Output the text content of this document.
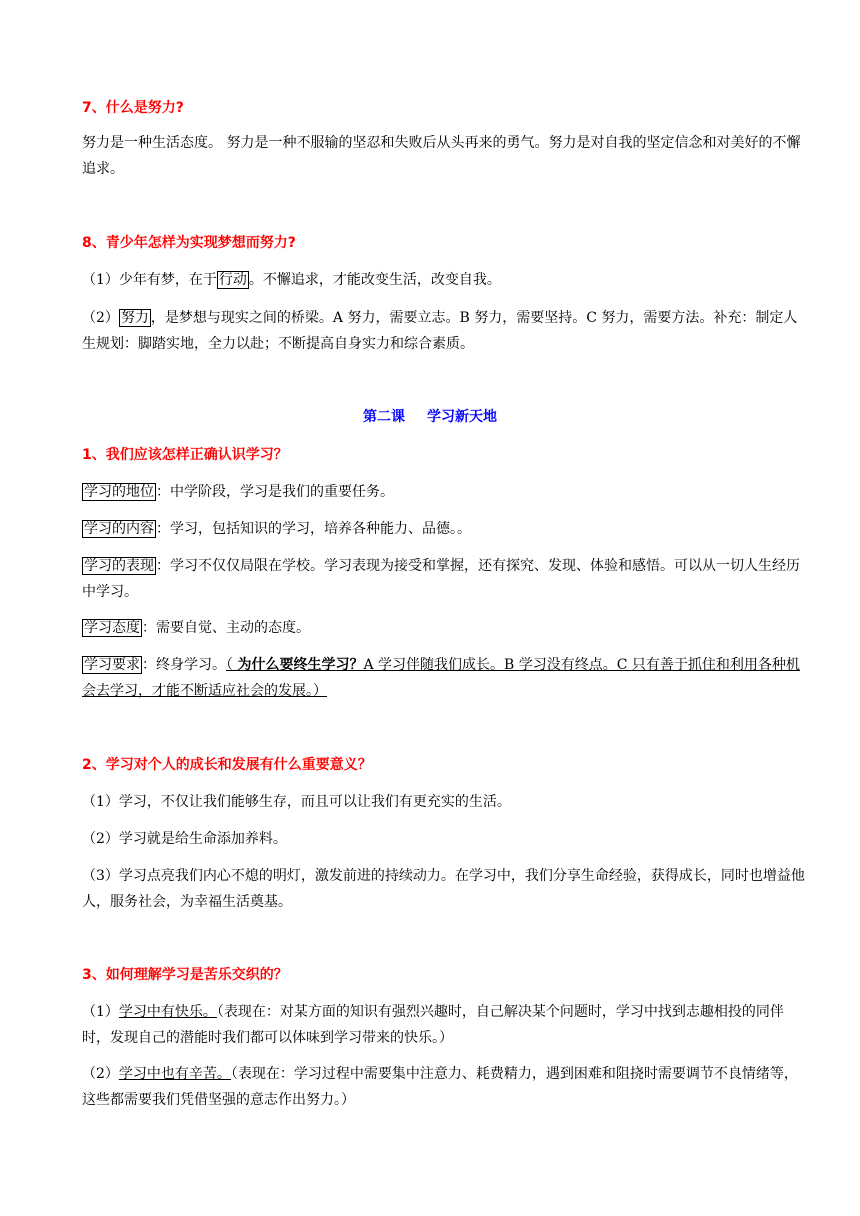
7、什么是努力?
努力是一种生活态度。 努力是一种不服输的坚忍和失败后从头再来的勇气。努力是对自我的坚定信念和对美好的不懈追求。
8、青少年怎样为实现梦想而努力?
（1）少年有梦，在于 行动 。不懈追求，才能改变生活，改变自我。
（2） 努力 ，是梦想与现实之间的桥梁。A 努力，需要立志。B 努力，需要坚持。C 努力，需要方法。补充：制定人生规划：脚踏实地，全力以赴；不断提高自身实力和综合素质。
第二课 学习新天地
1、我们应该怎样正确认识学习？
学习的地位 ：中学阶段，学习是我们的重要任务。
学习的内容 ：学习，包括知识的学习，培养各种能力、品德。。
学习的表现 ：学习不仅仅局限在学校。学习表现为接受和掌握，还有探究、发现、体验和感悟。可以从一切人生经历中学习。
学习态度 ：需要自觉、主动的态度。
学习要求 ：终身学习。（ 为什么要终生学习？A 学习伴随我们成长。B 学习没有终点。C 只有善于抓住和利用各种机会去学习，才能不断适应社会的发展。）
2、学习对个人的成长和发展有什么重要意义？
（1）学习，不仅让我们能够生存，而且可以让我们有更充实的生活。
（2）学习就是给生命添加养料。
（3）学习点亮我们内心不熄的明灯，激发前进的持续动力。在学习中，我们分享生命经验，获得成长，同时也增益他人，服务社会，为幸福生活奠基。
3、如何理解学习是苦乐交织的？
（1）学习中有快乐。（表现在：对某方面的知识有强烈兴趣时，自己解决某个问题时，学习中找到志趣相投的同伴时，发现自己的潜能时我们都可以体味到学习带来的快乐。）
（2）学习中也有辛苦。（表现在：学习过程中需要集中注意力、耗费精力，遇到困难和阻挠时需要调节不良情绪等，这些都需要我们凭借坚强的意志作出努力。）
